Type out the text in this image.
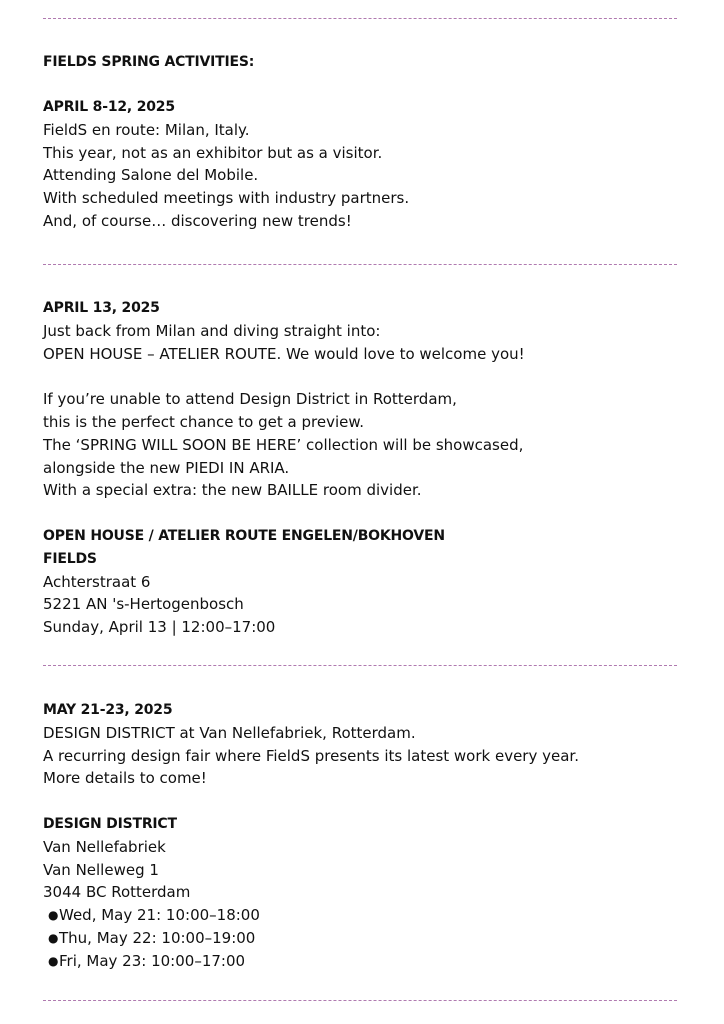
FIELDS SPRING ACTIVITIES:
APRIL 8-12, 2025
FieldS en route: Milan, Italy.
This year, not as an exhibitor but as a visitor.
Attending Salone del Mobile.
With scheduled meetings with industry partners.
And, of course… discovering new trends!
APRIL 13, 2025
Just back from Milan and diving straight into:
OPEN HOUSE – ATELIER ROUTE. We would love to welcome you!
If you’re unable to attend Design District in Rotterdam,
this is the perfect chance to get a preview.
The ‘SPRING WILL SOON BE HERE’ collection will be showcased,
alongside the new PIEDI IN ARIA.
With a special extra: the new BAILLE room divider.
OPEN HOUSE / ATELIER ROUTE ENGELEN/BOKHOVEN
FIELDS
Achterstraat 6
5221 AN 's-Hertogenbosch
Sunday, April 13 | 12:00–17:00
MAY 21-23, 2025
DESIGN DISTRICT at Van Nellefabriek, Rotterdam.
A recurring design fair where FieldS presents its latest work every year.
More details to come!
DESIGN DISTRICT
Van Nellefabriek
Van Nelleweg 1
3044 BC Rotterdam
● Wed, May 21: 10:00–18:00
● Thu, May 22: 10:00–19:00
● Fri, May 23: 10:00–17:00
